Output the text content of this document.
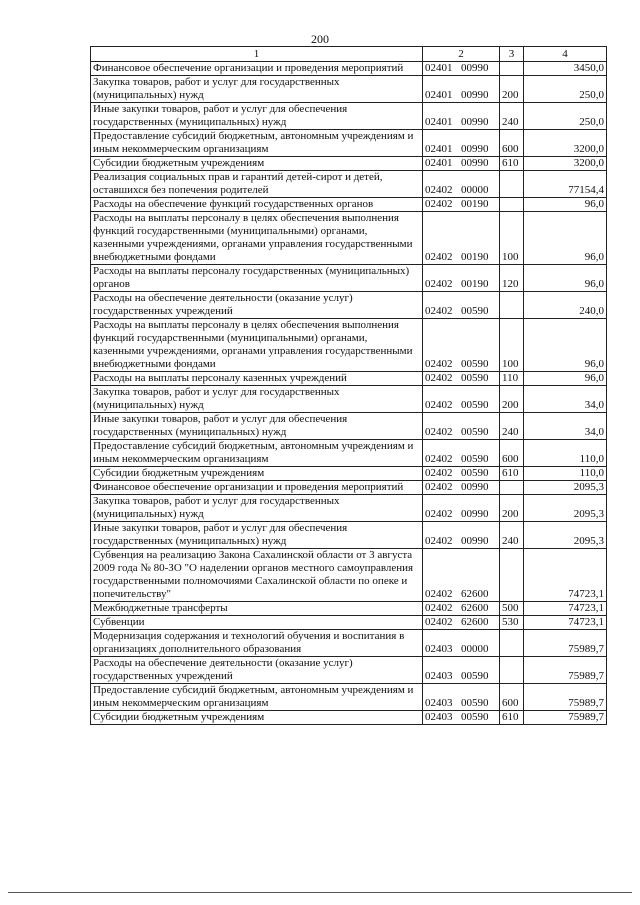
200
1	2	3	4
Финансовое обеспечение организации и проведения мероприятий	02401 00990		3450,0
Закупка товаров, работ и услуг для государственных (муниципальных) нужд	02401 00990	200	250,0
Иные закупки товаров, работ и услуг для обеспечения государственных (муниципальных) нужд	02401 00990	240	250,0
Предоставление субсидий бюджетным, автономным учреждениям и иным некоммерческим организациям	02401 00990	600	3200,0
Субсидии бюджетным учреждениям	02401 00990	610	3200,0
Реализация социальных прав и гарантий детей-сирот и детей, оставшихся без попечения родителей	02402 00000		77154,4
Расходы на обеспечение функций государственных органов	02402 00190		96,0
Расходы на выплаты персоналу в целях обеспечения выполнения функций государственными (муниципальными) органами, казенными учреждениями, органами управления государственными внебюджетными фондами	02402 00190	100	96,0
Расходы на выплаты персоналу государственных (муниципальных) органов	02402 00190	120	96,0
Расходы на обеспечение деятельности (оказание услуг) государственных учреждений	02402 00590		240,0
Расходы на выплаты персоналу в целях обеспечения выполнения функций государственными (муниципальными) органами, казенными учреждениями, органами управления государственными внебюджетными фондами	02402 00590	100	96,0
Расходы на выплаты персоналу казенных учреждений	02402 00590	110	96,0
Закупка товаров, работ и услуг для государственных (муниципальных) нужд	02402 00590	200	34,0
Иные закупки товаров, работ и услуг для обеспечения государственных (муниципальных) нужд	02402 00590	240	34,0
Предоставление субсидий бюджетным, автономным учреждениям и иным некоммерческим организациям	02402 00590	600	110,0
Субсидии бюджетным учреждениям	02402 00590	610	110,0
Финансовое обеспечение организации и проведения мероприятий	02402 00990		2095,3
Закупка товаров, работ и услуг для государственных (муниципальных) нужд	02402 00990	200	2095,3
Иные закупки товаров, работ и услуг для обеспечения государственных (муниципальных) нужд	02402 00990	240	2095,3
Субвенция на реализацию Закона Сахалинской области от 3 августа 2009 года № 80-ЗО "О наделении органов местного самоуправления государственными полномочиями Сахалинской области по опеке и попечительству"	02402 62600		74723,1
Межбюджетные трансферты	02402 62600	500	74723,1
Субвенции	02402 62600	530	74723,1
Модернизация содержания и технологий обучения и воспитания в организациях дополнительного образования	02403 00000		75989,7
Расходы на обеспечение деятельности (оказание услуг) государственных учреждений	02403 00590		75989,7
Предоставление субсидий бюджетным, автономным учреждениям и иным некоммерческим организациям	02403 00590	600	75989,7
Субсидии бюджетным учреждениям	02403 00590	610	75989,7
